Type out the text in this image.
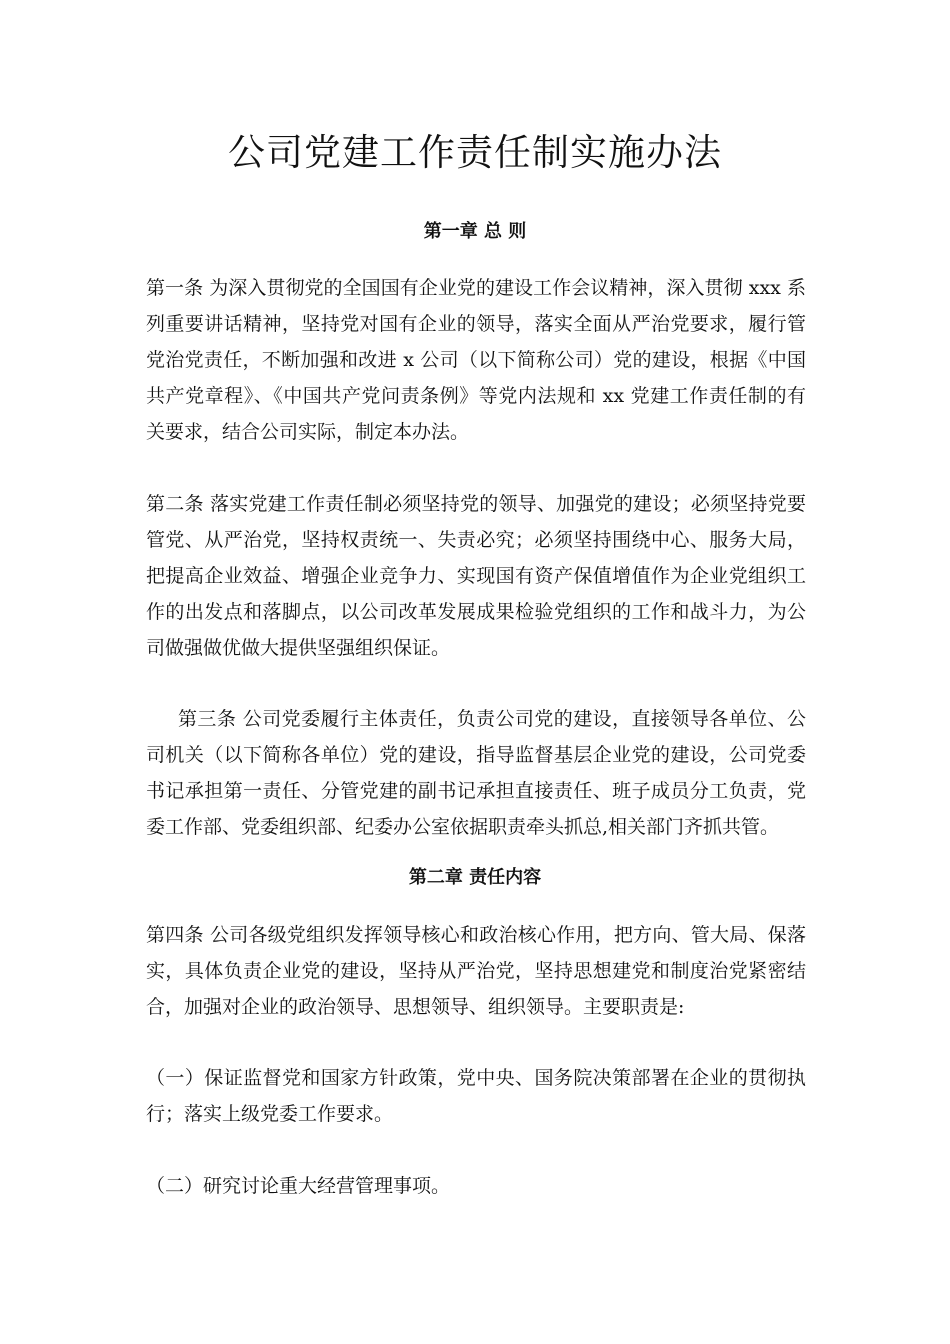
公司党建工作责任制实施办法
第一章 总 则

第一条 为深入贯彻党的全国国有企业党的建设工作会议精神，深入贯彻 xxx 系列重要讲话精神，坚持党对国有企业的领导，落实全面从严治党要求，履行管党治党责任，不断加强和改进 x 公司（以下简称公司）党的建设，根据《中国共产党章程》、《中国共产党问责条例》等党内法规和 xx 党建工作责任制的有关要求，结合公司实际，制定本办法。

第二条 落实党建工作责任制必须坚持党的领导、加强党的建设；必须坚持党要管党、从严治党，坚持权责统一、失责必究；必须坚持围绕中心、服务大局，把提高企业效益、增强企业竞争力、实现国有资产保值增值作为企业党组织工作的出发点和落脚点，以公司改革发展成果检验党组织的工作和战斗力，为公司做强做优做大提供坚强组织保证。

第三条 公司党委履行主体责任，负责公司党的建设，直接领导各单位、公司机关（以下简称各单位）党的建设，指导监督基层企业党的建设，公司党委书记承担第一责任、分管党建的副书记承担直接责任、班子成员分工负责，党委工作部、党委组织部、纪委办公室依据职责牵头抓总,相关部门齐抓共管。

第二章 责任内容

第四条 公司各级党组织发挥领导核心和政治核心作用，把方向、管大局、保落实，具体负责企业党的建设，坚持从严治党，坚持思想建党和制度治党紧密结合，加强对企业的政治领导、思想领导、组织领导。主要职责是:

（一）保证监督党和国家方针政策，党中央、国务院决策部署在企业的贯彻执行；落实上级党委工作要求。

（二）研究讨论重大经营管理事项。
